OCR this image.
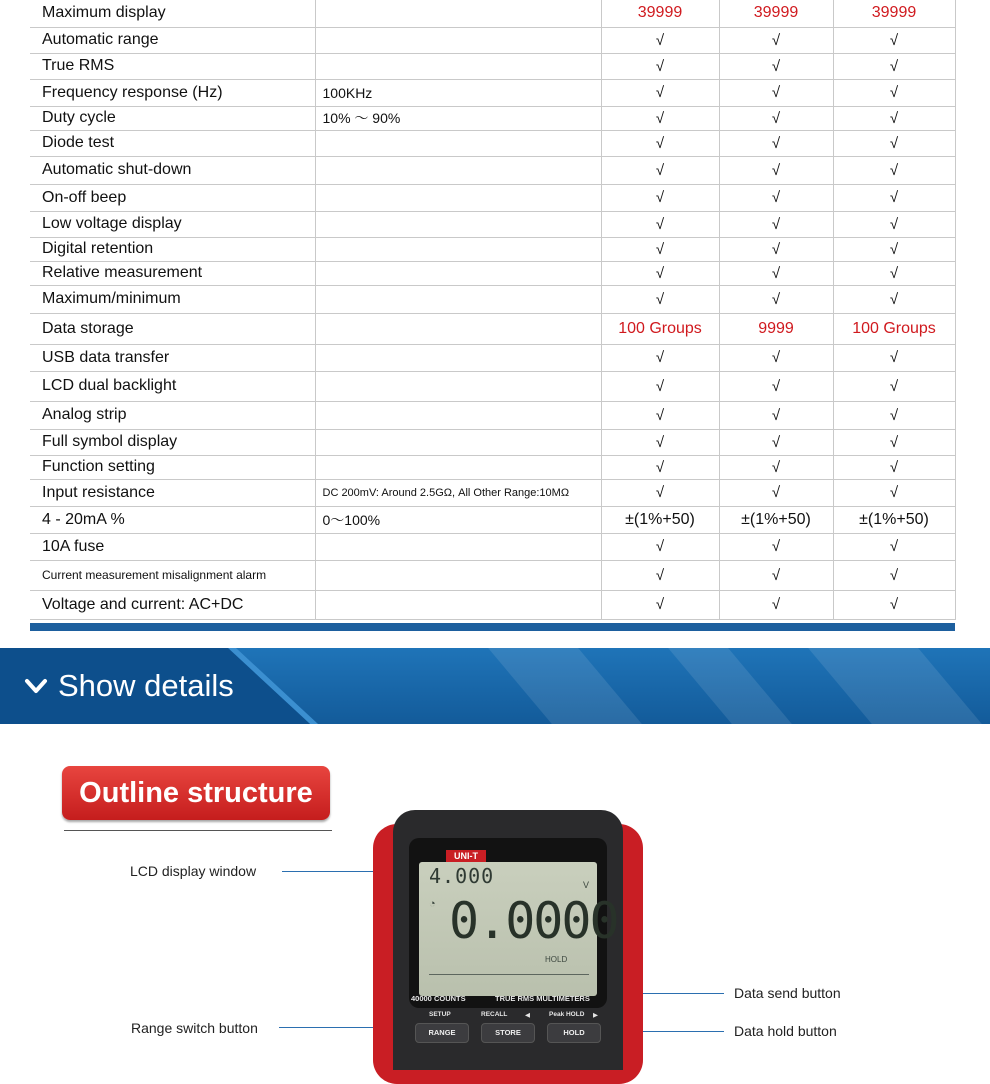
Maximum display		39999	39999	39999
Automatic range		√	√	√
True RMS		√	√	√
Frequency response (Hz)	100KHz	√	√	√
Duty cycle	10% ～ 90%	√	√	√
Diode test		√	√	√
Automatic shut-down		√	√	√
On-off beep		√	√	√
Low voltage display		√	√	√
Digital retention		√	√	√
Relative measurement		√	√	√
Maximum/minimum		√	√	√
Data storage		100 Groups	9999	100 Groups
USB data transfer		√	√	√
LCD dual backlight		√	√	√
Analog strip		√	√	√
Full symbol display		√	√	√
Function setting		√	√	√
Input resistance	DC 200mV: Around 2.5GΩ, All Other Range:10MΩ	√	√	√
4 - 20mA %	0～100%	±(1%+50)	±(1%+50)	±(1%+50)
10A fuse		√	√	√
Current measurement misalignment alarm		√	√	√
Voltage and current: AC+DC		√	√	√
Show details
Outline structure
LCD display window
Range switch button
Data send button
Data hold button
UNI-T
4.000	V
◔ 0.0000
HOLD
40000 COUNTS	TRUE RMS MULTIMETERS
SETUP	RECALL	◀	Peak HOLD ▶
RANGE	STORE	HOLD
